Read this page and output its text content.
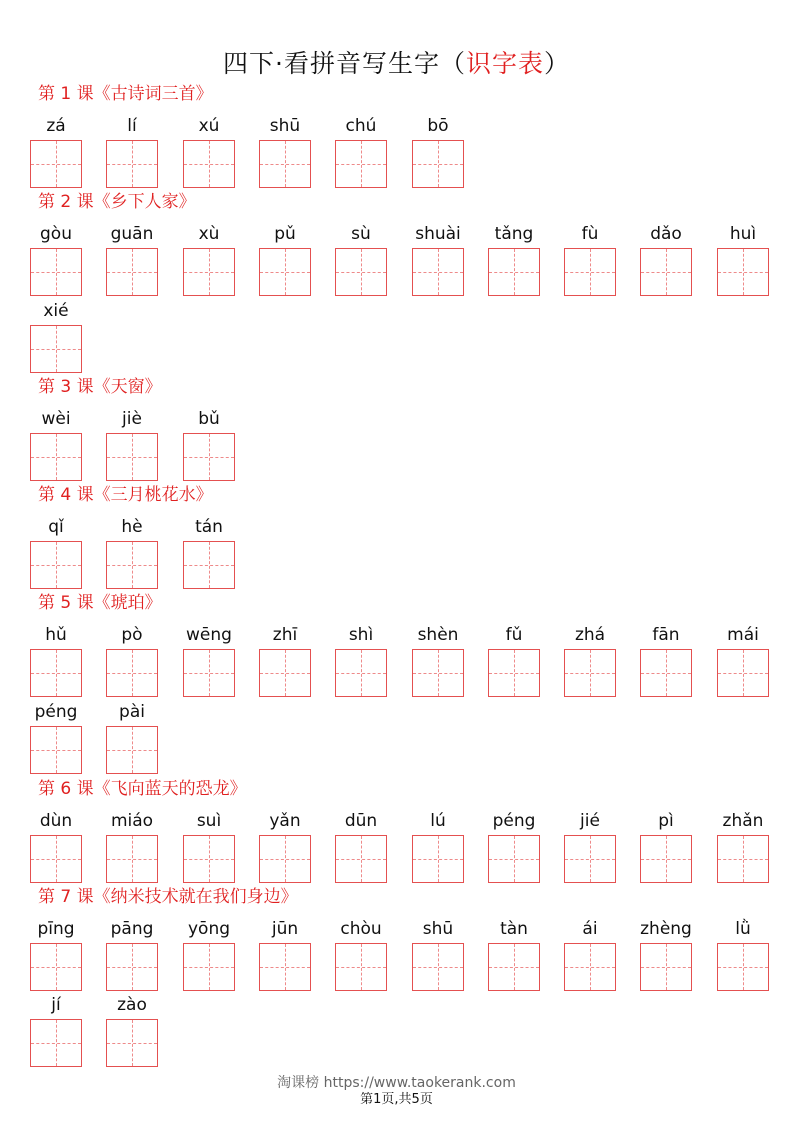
四下·看拼音写生字（识字表）
第 1 课《古诗词三首》
zá	lí	xú	shū	chú	bō
第 2 课《乡下人家》
gòu	guān	xù	pǔ	sù	shuài	tǎng	fù	dǎo	huì
xié
第 3 课《天窗》
wèi	jiè	bǔ
第 4 课《三月桃花水》
qǐ	hè	tán
第 5 课《琥珀》
hǔ	pò	wēng	zhī	shì	shèn	fǔ	zhá	fān	mái
péng	pài
第 6 课《飞向蓝天的恐龙》
dùn	miáo	suì	yǎn	dūn	lú	péng	jié	pì	zhǎn
第 7 课《纳米技术就在我们身边》
pīng	pāng	yōng	jūn	chòu	shū	tàn	ái	zhèng	lǜ
jí	zào
淘课榜 https://www.taokerank.com
第1页,共5页
